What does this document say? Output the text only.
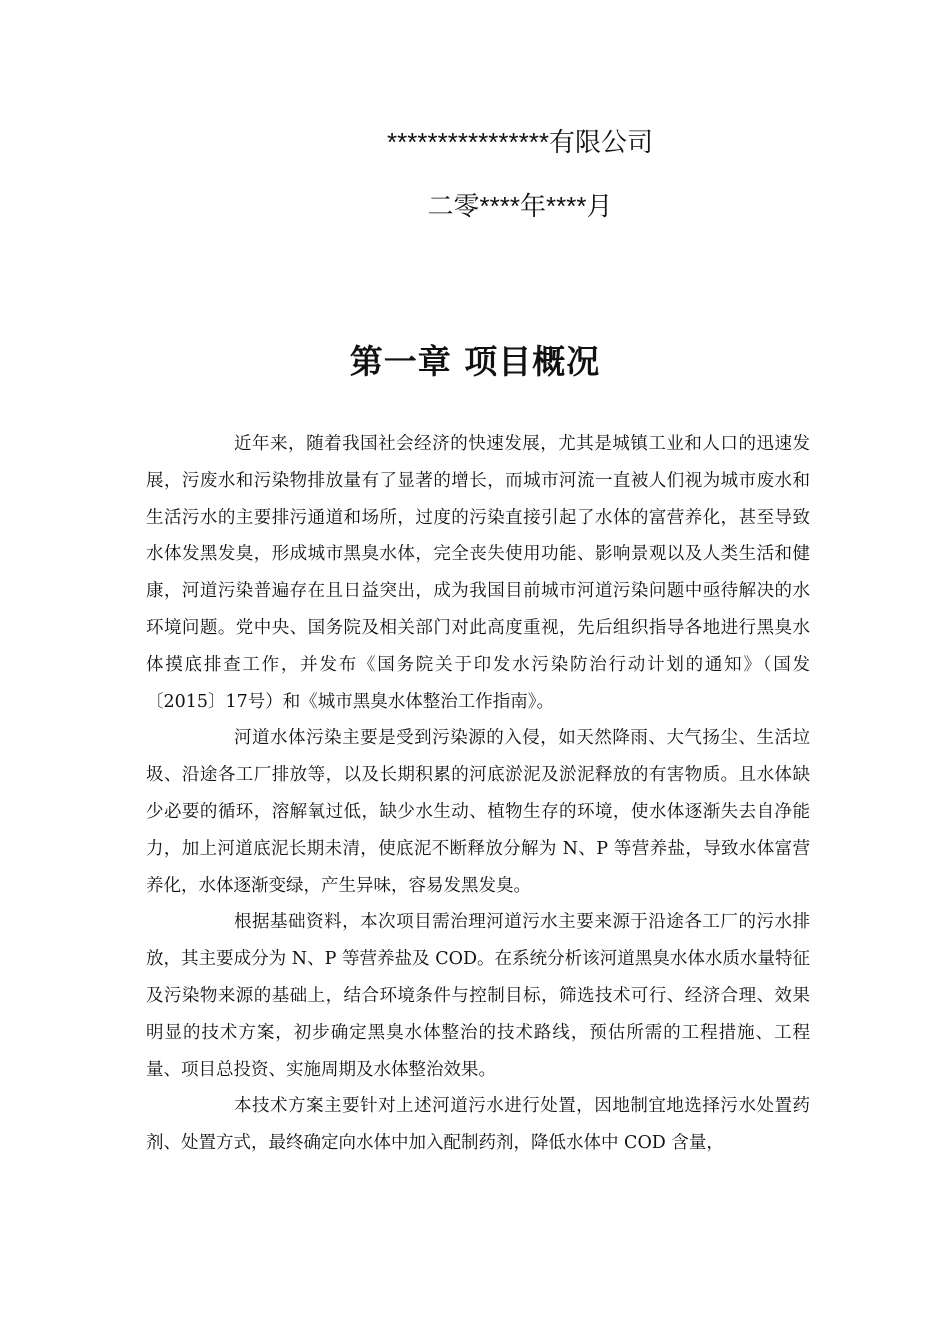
****************有限公司
二零****年****月
第一章 项目概况

近年来，随着我国社会经济的快速发展，尤其是城镇工业和人口的迅速发展，污废水和污染物排放量有了显著的增长，而城市河流一直被人们视为城市废水和生活污水的主要排污通道和场所，过度的污染直接引起了水体的富营养化，甚至导致水体发黑发臭，形成城市黑臭水体，完全丧失使用功能、影响景观以及人类生活和健康，河道污染普遍存在且日益突出，成为我国目前城市河道污染问题中亟待解决的水环境问题。党中央、国务院及相关部门对此高度重视，先后组织指导各地进行黑臭水体摸底排查工作，并发布《国务院关于印发水污染防治行动计划的通知》（国发〔2015〕17号）和《城市黑臭水体整治工作指南》。

河道水体污染主要是受到污染源的入侵，如天然降雨、大气扬尘、生活垃圾、沿途各工厂排放等，以及长期积累的河底淤泥及淤泥释放的有害物质。且水体缺少必要的循环，溶解氧过低，缺少水生动、植物生存的环境，使水体逐渐失去自净能力，加上河道底泥长期未清，使底泥不断释放分解为 N、P 等营养盐，导致水体富营养化，水体逐渐变绿，产生异味，容易发黑发臭。

根据基础资料，本次项目需治理河道污水主要来源于沿途各工厂的污水排放，其主要成分为 N、P 等营养盐及 COD。在系统分析该河道黑臭水体水质水量特征及污染物来源的基础上，结合环境条件与控制目标，筛选技术可行、经济合理、效果明显的技术方案，初步确定黑臭水体整治的技术路线，预估所需的工程措施、工程量、项目总投资、实施周期及水体整治效果。

本技术方案主要针对上述河道污水进行处置，因地制宜地选择污水处置药剂、处置方式，最终确定向水体中加入配制药剂，降低水体中 COD 含量，
